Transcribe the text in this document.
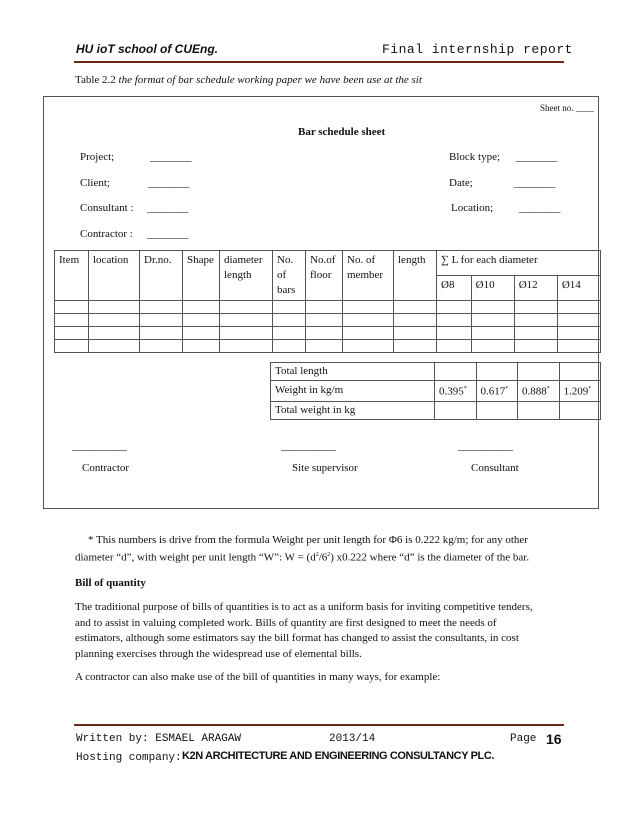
HU ioT school of CUEng.	Final internship report
Table 2.2 the format of bar schedule working paper we have been use at the sit
Sheet no. ____
Bar schedule sheet
Project;	_________
Client;	_________
Consultant : _________
Contractor : _________
Block type; _________
Date;	_________
Location; _________
Item	location	Dr.no.	Shape	diameter length	No. of bars	No.of floor	No. of member	length	∑ L for each diameter			
									Ø8	Ø10	Ø12	Ø14

Total length				
Weight in kg/m	0.395*	0.617*	0.888*	1.209*
Total weight in kg				
____________	____________	____________
Contractor	Site supervisor	Consultant
* This numbers is drive from the formula Weight per unit length for Φ6 is 0.222 kg/m; for any other
diameter “d”, with weight per unit length “W”: $W = (d^2/6^2)$ x0.222 where “d” is the diameter of the bar.
Bill of quantity
The traditional purpose of bills of quantities is to act as a uniform basis for inviting competitive tenders,
and to assist in valuing completed work. Bills of quantity are first designed to meet the needs of
estimators, although some estimators say the bill format has changed to assist the consultants, in cost
planning exercises through the widespread use of elemental bills.
A contractor can also make use of the bill of quantities in many ways, for example:
Written by: ESMAEL ARAGAW	2013/14	Page 16
Hosting company: K2N ARCHITECTURE AND ENGINEERING CONSULTANCY PLC.
